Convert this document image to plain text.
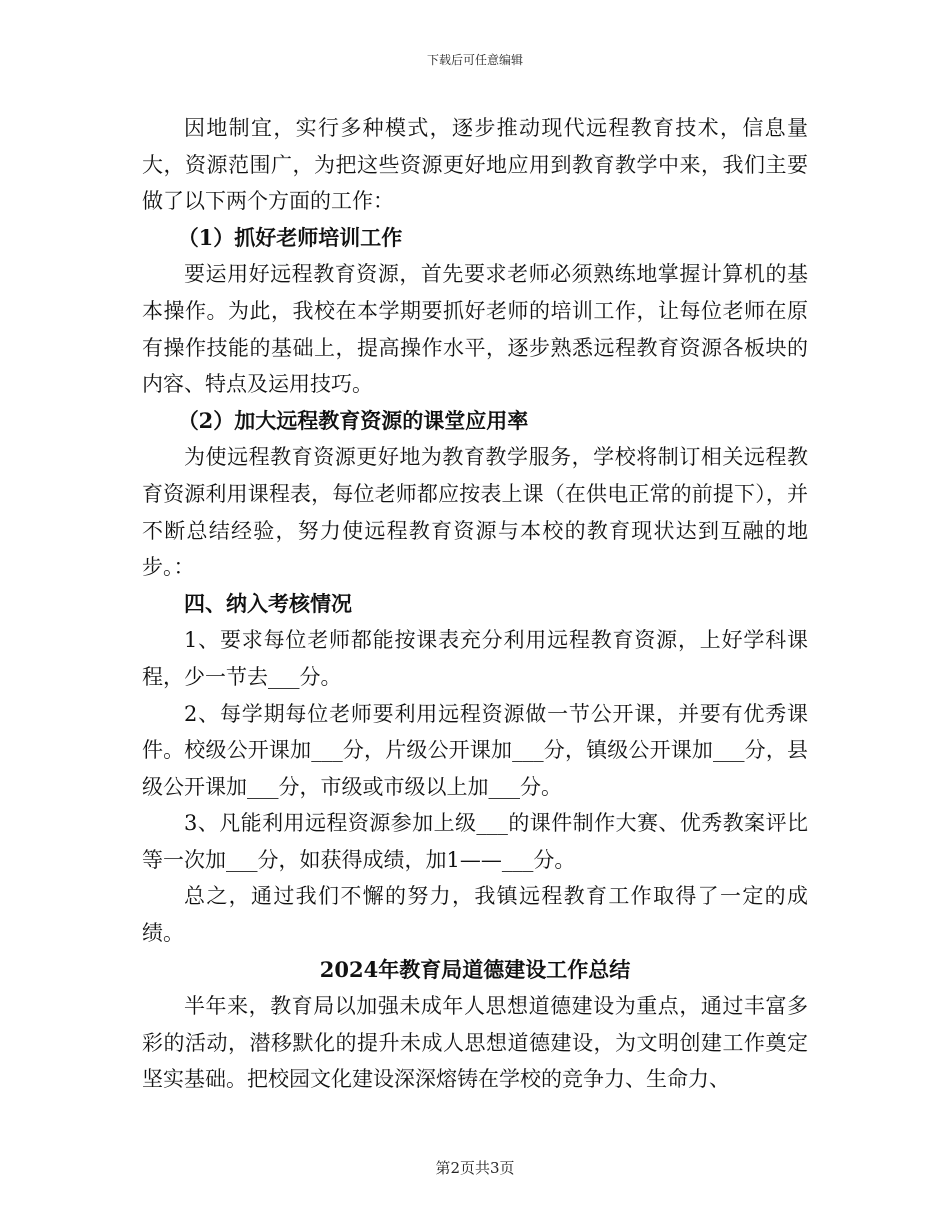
下载后可任意编辑

因地制宜，实行多种模式，逐步推动现代远程教育技术，信息量大，资源范围广，为把这些资源更好地应用到教育教学中来，我们主要做了以下两个方面的工作：

（1）抓好老师培训工作

要运用好远程教育资源，首先要求老师必须熟练地掌握计算机的基本操作。为此，我校在本学期要抓好老师的培训工作，让每位老师在原有操作技能的基础上，提高操作水平，逐步熟悉远程教育资源各板块的内容、特点及运用技巧。

（2）加大远程教育资源的课堂应用率

为使远程教育资源更好地为教育教学服务，学校将制订相关远程教育资源利用课程表，每位老师都应按表上课（在供电正常的前提下），并不断总结经验，努力使远程教育资源与本校的教育现状达到互融的地步。：

四、纳入考核情况

1、要求每位老师都能按课表充分利用远程教育资源，上好学科课程，少一节去___分。

2、每学期每位老师要利用远程资源做一节公开课，并要有优秀课件。校级公开课加___分，片级公开课加___分，镇级公开课加___分，县级公开课加___分，市级或市级以上加___分。

3、凡能利用远程资源参加上级___的课件制作大赛、优秀教案评比等一次加___分，如获得成绩，加1——___分。

总之，通过我们不懈的努力，我镇远程教育工作取得了一定的成绩。

2024年教育局道德建设工作总结

半年来，教育局以加强未成年人思想道德建设为重点，通过丰富多彩的活动，潜移默化的提升未成人思想道德建设，为文明创建工作奠定坚实基础。把校园文化建设深深熔铸在学校的竞争力、生命力、

第2页共3页
